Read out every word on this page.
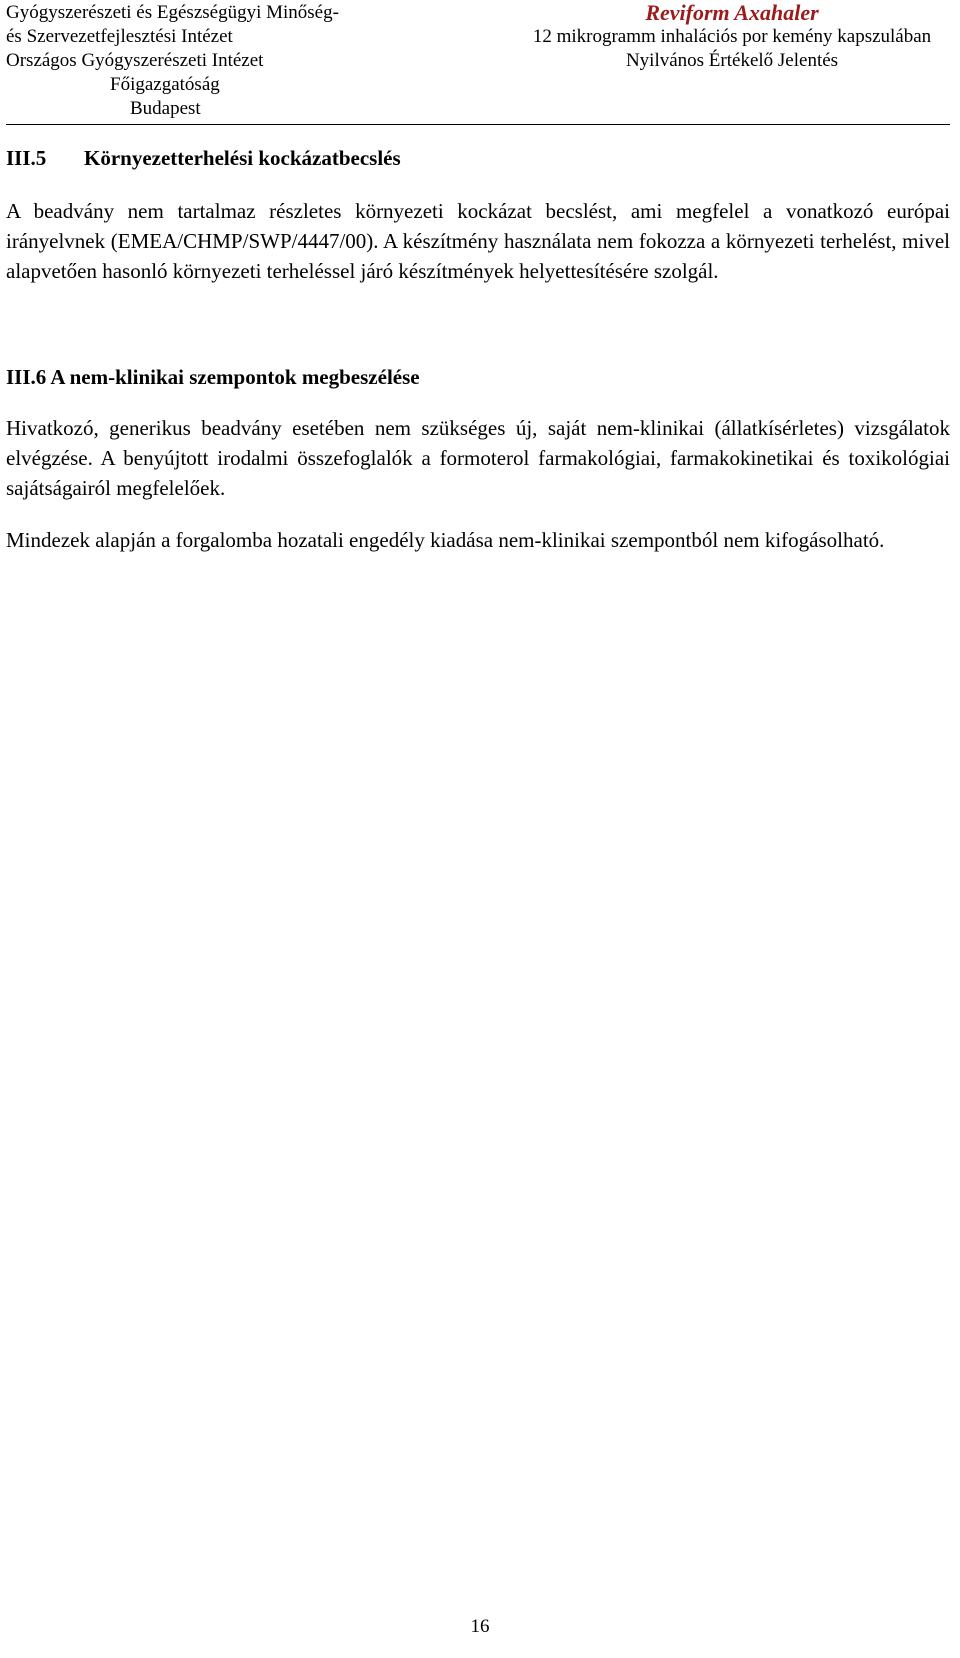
Gyógyszerészeti és Egészségügyi Minőség-
és Szervezetfejlesztési Intézet
Országos Gyógyszerészeti Intézet
Főigazgatóság
Budapest
Reviform Axahaler
12 mikrogramm inhalációs por kemény kapszulában
Nyilvános Értékelő Jelentés
III.5 Környezetterhelési kockázatbecslés

A beadvány nem tartalmaz részletes környezeti kockázat becslést, ami megfelel a vonatkozó európai irányelvnek (EMEA/CHMP/SWP/4447/00). A készítmény használata nem fokozza a környezeti terhelést, mivel alapvetően hasonló környezeti terheléssel járó készítmények helyettesítésére szolgál.

III.6 A nem-klinikai szempontok megbeszélése

Hivatkozó, generikus beadvány esetében nem szükséges új, saját nem-klinikai (állatkísérletes) vizsgálatok elvégzése. A benyújtott irodalmi összefoglalók a formoterol farmakológiai, farmakokinetikai és toxikológiai sajátságairól megfelelőek.

Mindezek alapján a forgalomba hozatali engedély kiadása nem-klinikai szempontból nem kifogásolható.

16
